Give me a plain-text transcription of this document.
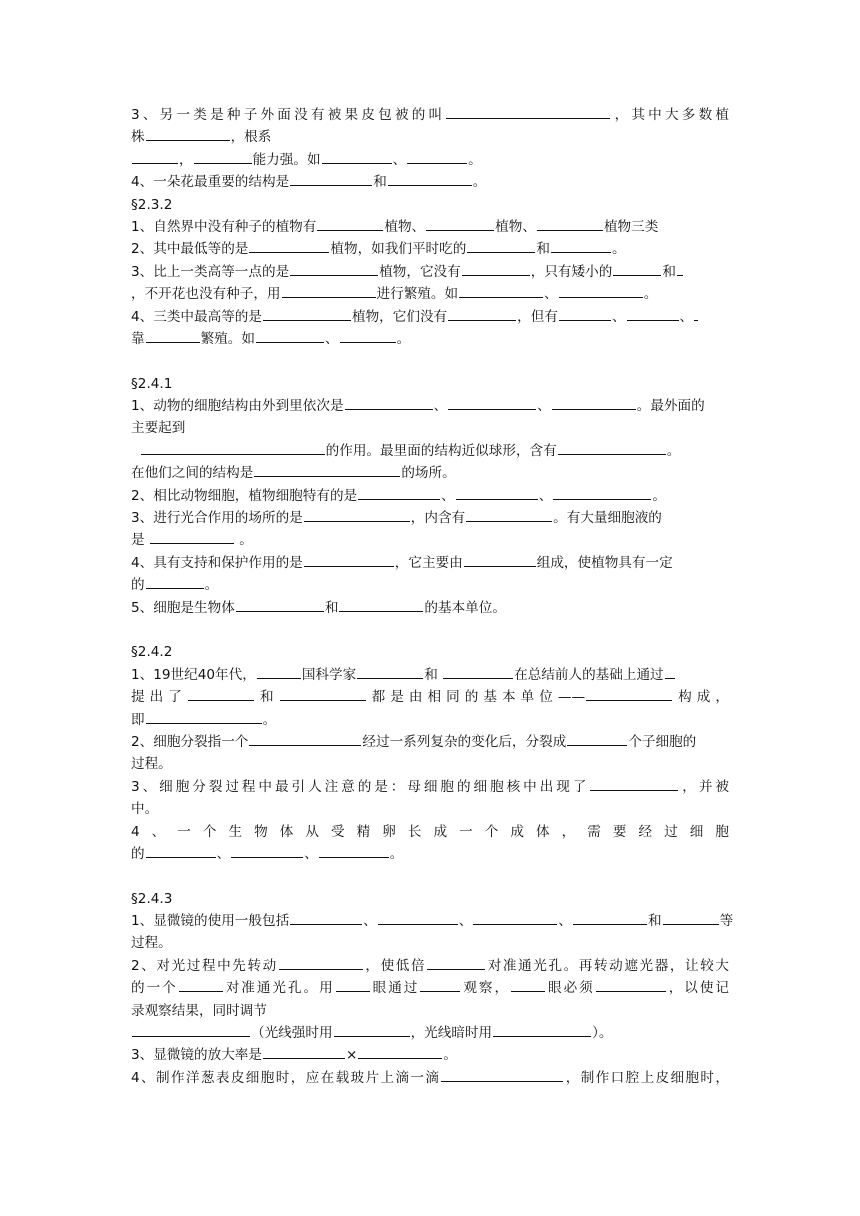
3、另一类是种子外面没有被果皮包被的叫	，其中大多数植
株	，根系
，	能力强。如	、	。
4、一朵花最重要的结构是	和	。
§2.3.2
1、自然界中没有种子的植物有	植物、	植物、	植物三类
2、其中最低等的是	植物，如我们平时吃的	和	。
3、比上一类高等一点的是	植物，它没有	，只有矮小的	和
，不开花也没有种子，用	进行繁殖。如	、	。
4、三类中最高等的是	植物，它们没有	，但有	、	、
靠	繁殖。如	、	。
§2.4.1
1、动物的细胞结构由外到里依次是	、	、	。最外面的
主要起到
的作用。最里面的结构近似球形，含有	。
在他们之间的结构是	的场所。
2、相比动物细胞，植物细胞特有的是	、	、	。
3、进行光合作用的场所的是	，内含有	。有大量细胞液的
是	。
4、具有支持和保护作用的是	，它主要由	组成，使植物具有一定
的	。
5、细胞是生物体	和	的基本单位。
§2.4.2
1、19世纪40年代，	国科学家	和	在总结前人的基础上通过
提出了	和	都是由相同的基本单位——	构成，
即	。
2、细胞分裂指一个	经过一系列复杂的变化后，分裂成	个子细胞的
过程。
3、细胞分裂过程中最引人注意的是：母细胞的细胞核中出现了	，并被
中。
4、一个生物体从受精卵长成一个成体，需要经过细胞
的	、	、	。
§2.4.3
1、显微镜的使用一般包括	、	、	、	和	等
过程。
2、对光过程中先转动	，使低倍	对准通光孔。再转动遮光器，让较大
的一个	对准通光孔。用	眼通过	观察，	眼必须	，以使记
录观察结果，同时调节
（光线强时用	，光线暗时用	）。
3、显微镜的放大率是	×	。
4、制作洋葱表皮细胞时，应在载玻片上滴一滴	，制作口腔上皮细胞时，
